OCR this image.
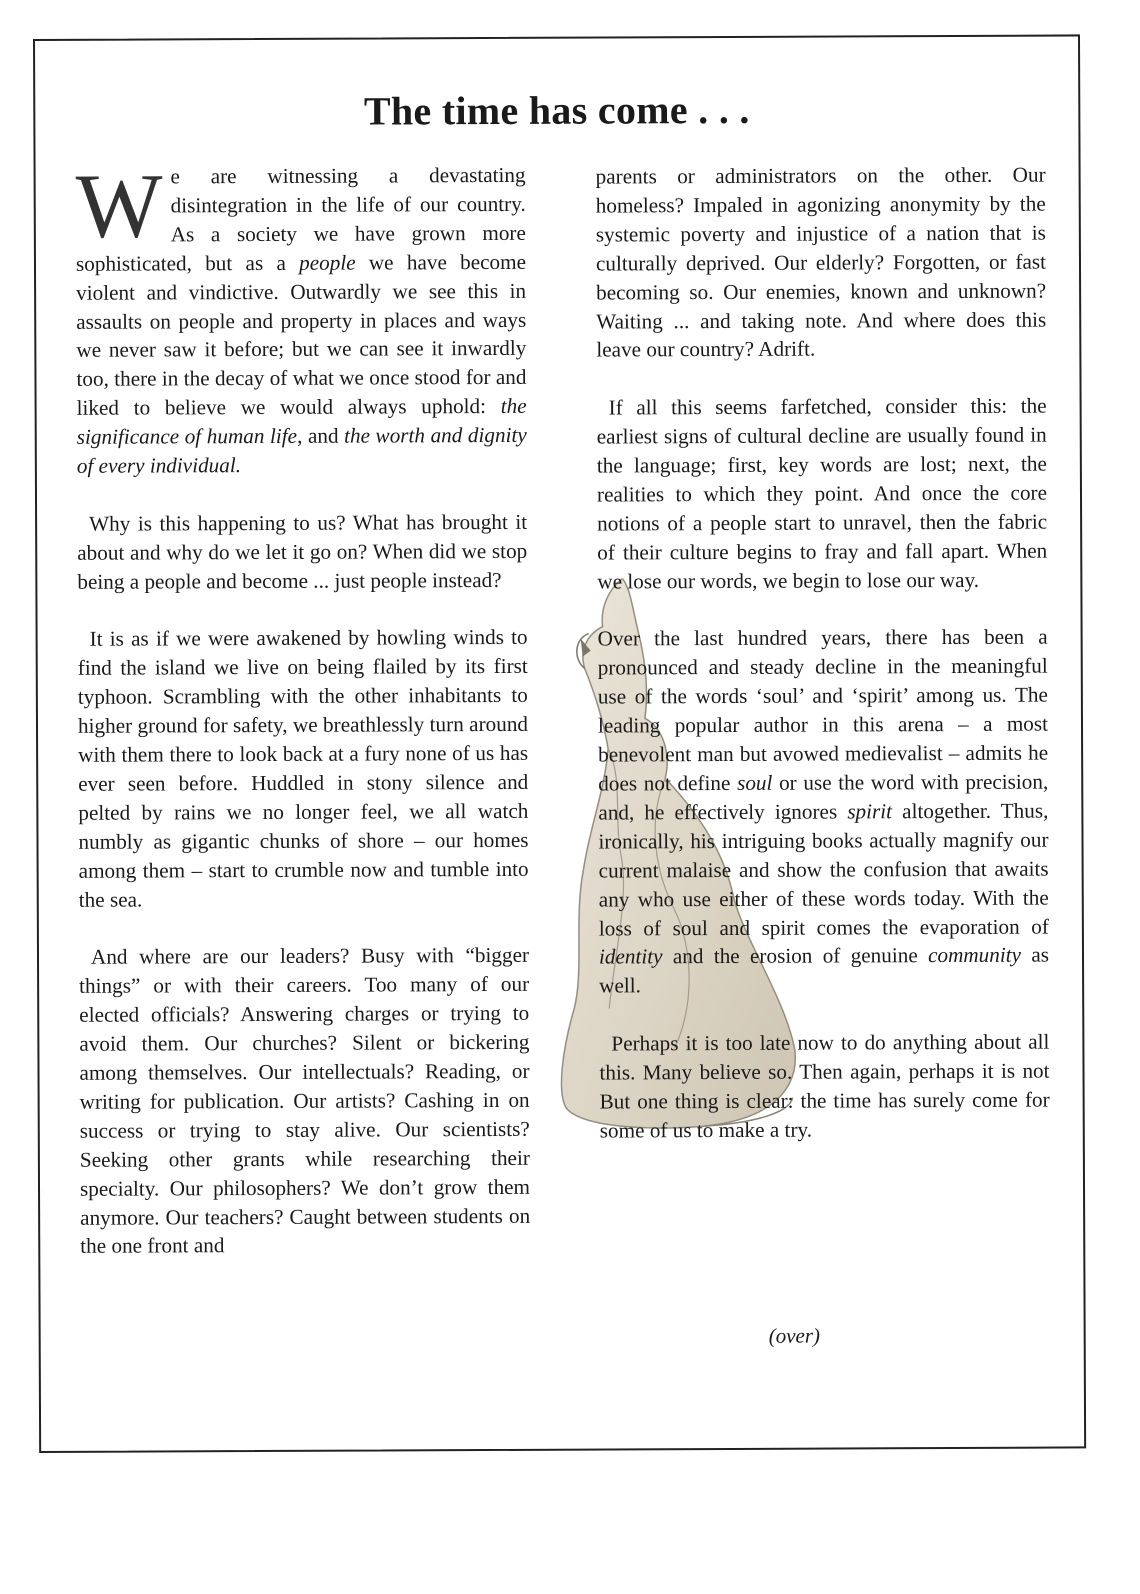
The time has come . . .

We are witnessing a devastating disintegration in the life of our country. As a society we have grown more sophisticated, but as a people we have become violent and vindictive. Outwardly we see this in assaults on people and property in places and ways we never saw it before; but we can see it inwardly too, there in the decay of what we once stood for and liked to believe we would always uphold: the significance of human life, and the worth and dignity of every individual.

Why is this happening to us? What has brought it about and why do we let it go on? When did we stop being a people and become ... just people instead?

It is as if we were awakened by howling winds to find the island we live on being flailed by its first typhoon. Scrambling with the other inhabitants to higher ground for safety, we breathlessly turn around with them there to look back at a fury none of us has ever seen before. Huddled in stony silence and pelted by rains we no longer feel, we all watch numbly as gigantic chunks of shore – our homes among them – start to crumble now and tumble into the sea.

And where are our leaders? Busy with “bigger things” or with their careers. Too many of our elected officials? Answering charges or trying to avoid them. Our churches? Silent or bickering among themselves. Our intellectuals? Reading, or writing for publication. Our artists? Cashing in on success or trying to stay alive. Our scientists? Seeking other grants while researching their specialty. Our philosophers? We don’t grow them anymore. Our teachers? Caught between students on the one front and

parents or administrators on the other. Our homeless? Impaled in agonizing anonymity by the systemic poverty and injustice of a nation that is culturally deprived. Our elderly? Forgotten, or fast becoming so. Our enemies, known and unknown? Waiting ... and taking note. And where does this leave our country? Adrift.

If all this seems farfetched, consider this: the earliest signs of cultural decline are usually found in the language; first, key words are lost; next, the realities to which they point. And once the core notions of a people start to unravel, then the fabric of their culture begins to fray and fall apart. When we lose our words, we begin to lose our way.

Over the last hundred years, there has been a pronounced and steady decline in the meaningful use of the words ‘soul’ and ‘spirit’ among us. The leading popular author in this arena – a most benevolent man but avowed medievalist – admits he does not define soul or use the word with precision, and, he effectively ignores spirit altogether. Thus, ironically, his intriguing books actually magnify our current malaise and show the confusion that awaits any who use either of these words today. With the loss of soul and spirit comes the evaporation of identity and the erosion of genuine community as well.

Perhaps it is too late now to do anything about all this. Many believe so. Then again, perhaps it is not But one thing is clear: the time has surely come for some of us to make a try.

(over)
